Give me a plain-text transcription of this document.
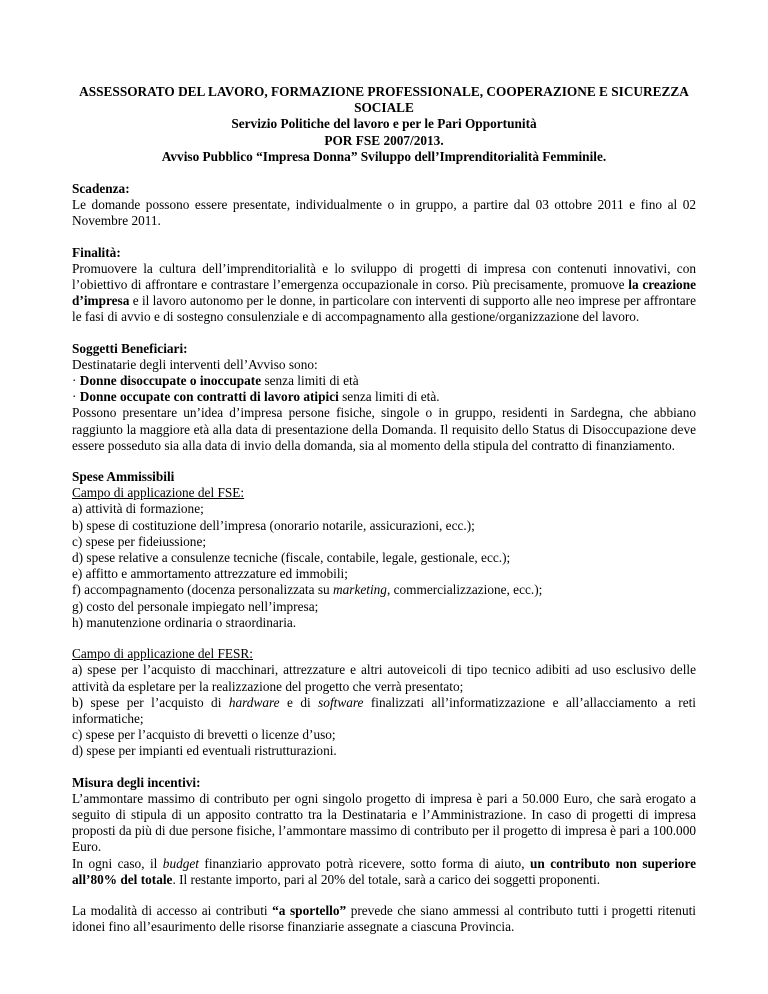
ASSESSORATO DEL LAVORO, FORMAZIONE PROFESSIONALE, COOPERAZIONE E SICUREZZA SOCIALE
Servizio Politiche del lavoro e per le Pari Opportunità
POR FSE 2007/2013.
Avviso Pubblico “Impresa Donna” Sviluppo dell’Imprenditorialità Femminile.
Scadenza:

Le domande possono essere presentate, individualmente o in gruppo, a partire dal 03 ottobre 2011 e fino al 02 Novembre 2011.

Finalità:

Promuovere la cultura dell’imprenditorialità e lo sviluppo di progetti di impresa con contenuti innovativi, con l’obiettivo di affrontare e contrastare l’emergenza occupazionale in corso. Più precisamente, promuove la creazione d’impresa e il lavoro autonomo per le donne, in particolare con interventi di supporto alle neo imprese per affrontare le fasi di avvio e di sostegno consulenziale e di accompagnamento alla gestione/organizzazione del lavoro.

Soggetti Beneficiari:
Destinatarie degli interventi dell’Avviso sono:
· Donne disoccupate o inoccupate senza limiti di età
· Donne occupate con contratti di lavoro atipici senza limiti di età.

Possono presentare un’idea d’impresa persone fisiche, singole o in gruppo, residenti in Sardegna, che abbiano raggiunto la maggiore età alla data di presentazione della Domanda. Il requisito dello Status di Disoccupazione deve essere posseduto sia alla data di invio della domanda, sia al momento della stipula del contratto di finanziamento.

Spese Ammissibili
Campo di applicazione del FSE:
a) attività di formazione;
b) spese di costituzione dell’impresa (onorario notarile, assicurazioni, ecc.);
c) spese per fideiussione;
d) spese relative a consulenze tecniche (fiscale, contabile, legale, gestionale, ecc.);
e) affitto e ammortamento attrezzature ed immobili;
f) accompagnamento (docenza personalizzata su marketing, commercializzazione, ecc.);
g) costo del personale impiegato nell’impresa;
h) manutenzione ordinaria o straordinaria.
Campo di applicazione del FESR:

a) spese per l’acquisto di macchinari, attrezzature e altri autoveicoli di tipo tecnico adibiti ad uso esclusivo delle attività da espletare per la realizzazione del progetto che verrà presentato;

b) spese per l’acquisto di hardware e di software finalizzati all’informatizzazione e all’allacciamento a reti informatiche;

c) spese per l’acquisto di brevetti o licenze d’uso;
d) spese per impianti ed eventuali ristrutturazioni.
Misura degli incentivi:

L’ammontare massimo di contributo per ogni singolo progetto di impresa è pari a 50.000 Euro, che sarà erogato a seguito di stipula di un apposito contratto tra la Destinataria e l’Amministrazione. In caso di progetti di impresa proposti da più di due persone fisiche, l’ammontare massimo di contributo per il progetto di impresa è pari a 100.000 Euro.

In ogni caso, il budget finanziario approvato potrà ricevere, sotto forma di aiuto, un contributo non superiore all’80% del totale. Il restante importo, pari al 20% del totale, sarà a carico dei soggetti proponenti.

La modalità di accesso ai contributi “a sportello” prevede che siano ammessi al contributo tutti i progetti ritenuti idonei fino all’esaurimento delle risorse finanziarie assegnate a ciascuna Provincia.
